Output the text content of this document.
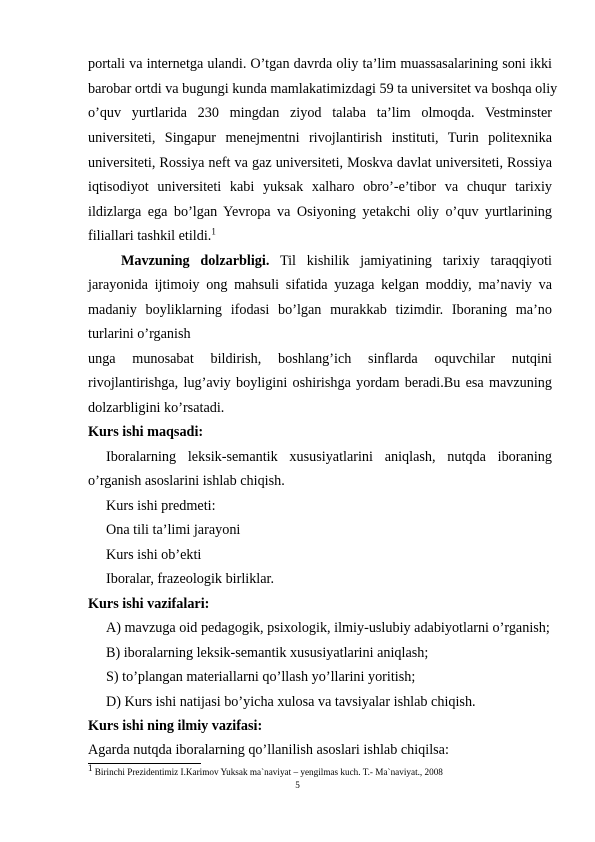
portali va internetga ulandi. O’tgan davrda oliy ta’lim muassasalarining soni ikki
barobar ortdi va bugungi kunda mamlakatimizdagi 59 ta universitet va boshqa oliy
o’quv yurtlarida 230 mingdan ziyod talaba ta’lim olmoqda. Vestminster
universiteti, Singapur menejmentni rivojlantirish instituti, Turin politexnika
universiteti, Rossiya neft va gaz universiteti, Moskva davlat universiteti, Rossiya
iqtisodiyot universiteti kabi yuksak xalharo obro’-e’tibor va chuqur tarixiy
ildizlarga ega bo’lgan Yevropa va Osiyoning yetakchi oliy o’quv yurtlarining
filiallari tashkil etildi.$^1$
Mavzuning dolzarbligi. Til kishilik jamiyatining tarixiy taraqqiyoti
jarayonida ijtimoiy ong mahsuli sifatida yuzaga kelgan moddiy, ma’naviy va
madaniy boyliklarning ifodasi bo’lgan murakkab tizimdir. Iboraning ma’no
turlarini o’rganish
unga munosabat bildirish, boshlang’ich sinflarda oquvchilar nutqini
rivojlantirishga, lug’aviy boyligini oshirishga yordam beradi.Bu esa mavzuning
dolzarbligini ko’rsatadi.
Kurs ishi maqsadi:
Iboralarning leksik-semantik xususiyatlarini aniqlash, nutqda iboraning
o’rganish asoslarini ishlab chiqish.
Kurs ishi predmeti:
Ona tili ta’limi jarayoni
Kurs ishi ob’ekti
Iboralar, frazeologik birliklar.
Kurs ishi vazifalari:
A) mavzuga oid pedagogik, psixologik, ilmiy-uslubiy adabiyotlarni o’rganish;
B) iboralarning leksik-semantik xususiyatlarini aniqlash;
S) to’plangan materiallarni qo’llash yo’llarini yoritish;
D) Kurs ishi natijasi bo’yicha xulosa va tavsiyalar ishlab chiqish.
Kurs ishi ning ilmiy vazifasi:
Agarda nutqda iboralarning qo’llanilish asoslari ishlab chiqilsa:
$^1$ Birinchi Prezidentimiz I.Karimov Yuksak ma`naviyat – yengilmas kuch. T.- Ma`naviyat., 2008
5
